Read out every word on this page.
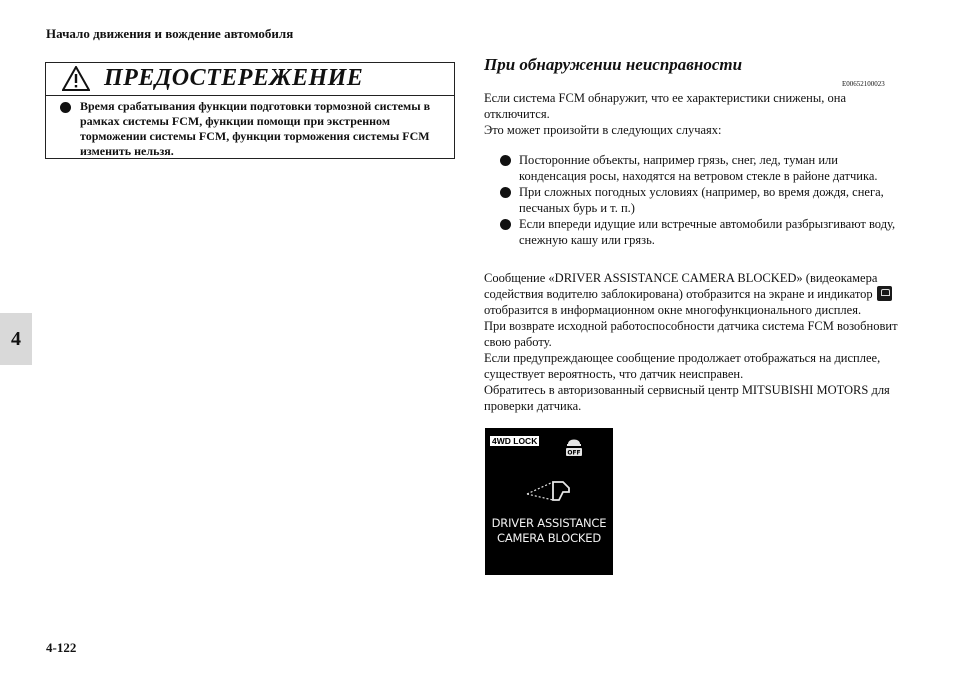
Начало движения и вождение автомобиля
4
ПРЕДОСТЕРЕЖЕНИЕ
Время срабатывания функции подготовки тормозной системы в рамках системы FCM, функции помощи при экстренном торможении системы FCM, функции торможения системы FCM изменить нельзя.
При обнаружении неисправности
E00652100023
Если система FCM обнаружит, что ее характеристики снижены, она отключится.
Это может произойти в следующих случаях:
Посторонние объекты, например грязь, снег, лед, туман или конденсация росы, находятся на ветровом стекле в районе датчика.
При сложных погодных условиях (например, во время дождя, снега, песчаных бурь и т. п.)
Если впереди идущие или встречные автомобили разбрызгивают воду, снежную кашу или грязь.
Сообщение «DRIVER ASSISTANCE CAMERA BLOCKED» (видеокамера содействия водителю заблокирована) отобразится на экране и индикаторотобразится в информационном окне многофункционального дисплея.
При возврате исходной работоспособности датчика система FCM возобновит свою работу.
Если предупреждающее сообщение продолжает отображаться на дисплее, существует вероятность, что датчик неисправен.
Обратитесь в авторизованный сервисный центр MITSUBISHI MOTORS для проверки датчика.
4WD LOCK
OFF
DRIVER ASSISTANCE
CAMERA BLOCKED
4-122
